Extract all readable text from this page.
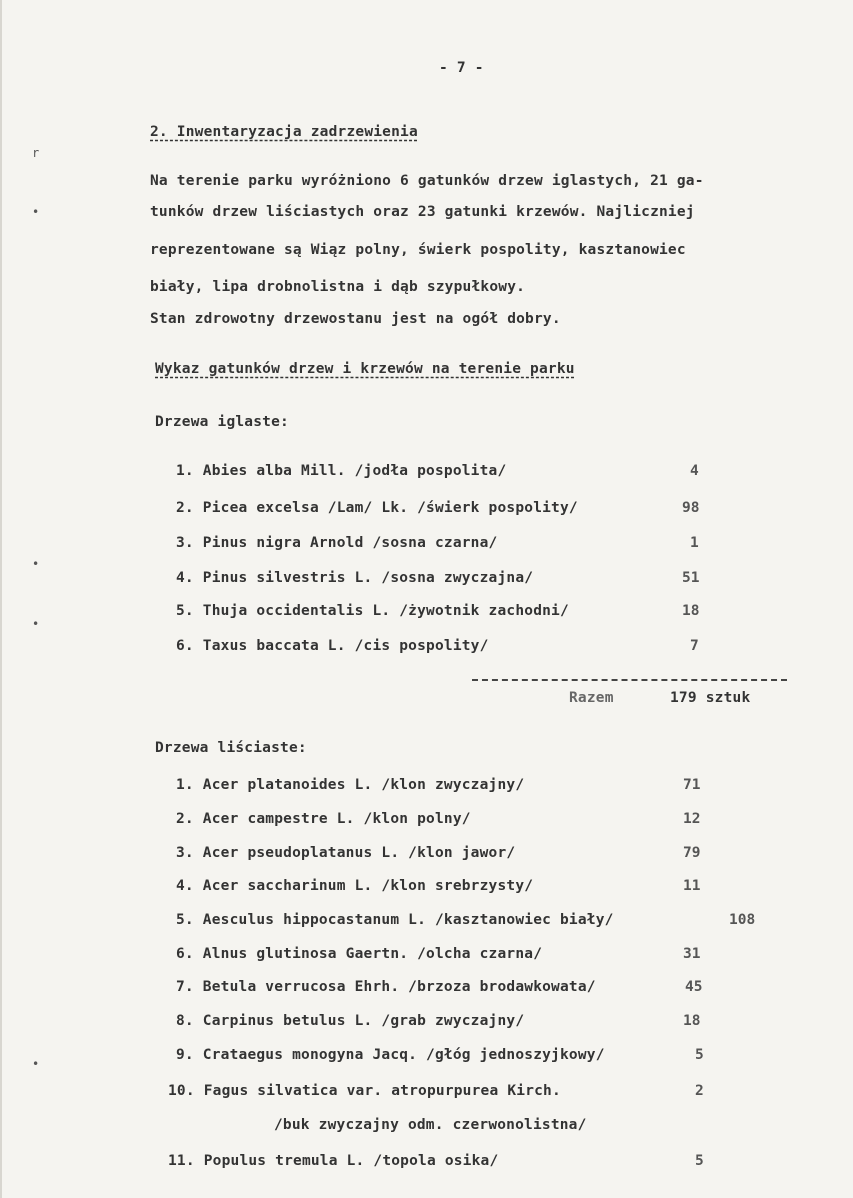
r
•
•
•
•
- 7 -
2. Inwentaryzacja zadrzewienia
Na terenie parku wyróżniono 6 gatunków drzew iglastych, 21 ga-
tunków drzew liściastych oraz 23 gatunki krzewów. Najliczniej
reprezentowane są Wiąz polny, świerk pospolity, kasztanowiec
biały, lipa drobnolistna i dąb szypułkowy.
Stan zdrowotny drzewostanu jest na ogół dobry.
Wykaz gatunków drzew i krzewów na terenie parku
Drzewa iglaste:
1. Abies alba Mill. /jodła pospolita/	4
2. Picea excelsa /Lam/ Lk. /świerk pospolity/	98
3. Pinus nigra Arnold /sosna czarna/	1
4. Pinus silvestris L. /sosna zwyczajna/	51
5. Thuja occidentalis L. /żywotnik zachodni/	18
6. Taxus baccata L. /cis pospolity/	7
Razem	179 sztuk
Drzewa liściaste:
1. Acer platanoides L. /klon zwyczajny/	71
2. Acer campestre L. /klon polny/	12
3. Acer pseudoplatanus L. /klon jawor/	79
4. Acer saccharinum L. /klon srebrzysty/	11
5. Aesculus hippocastanum L. /kasztanowiec biały/	108
6. Alnus glutinosa Gaertn. /olcha czarna/	31
7. Betula verrucosa Ehrh. /brzoza brodawkowata/	45
8. Carpinus betulus L. /grab zwyczajny/	18
9. Crataegus monogyna Jacq. /głóg jednoszyjkowy/	5
10. Fagus silvatica var. atropurpurea Kirch.	2
/buk zwyczajny odm. czerwonolistna/
11. Populus tremula L. /topola osika/	5
